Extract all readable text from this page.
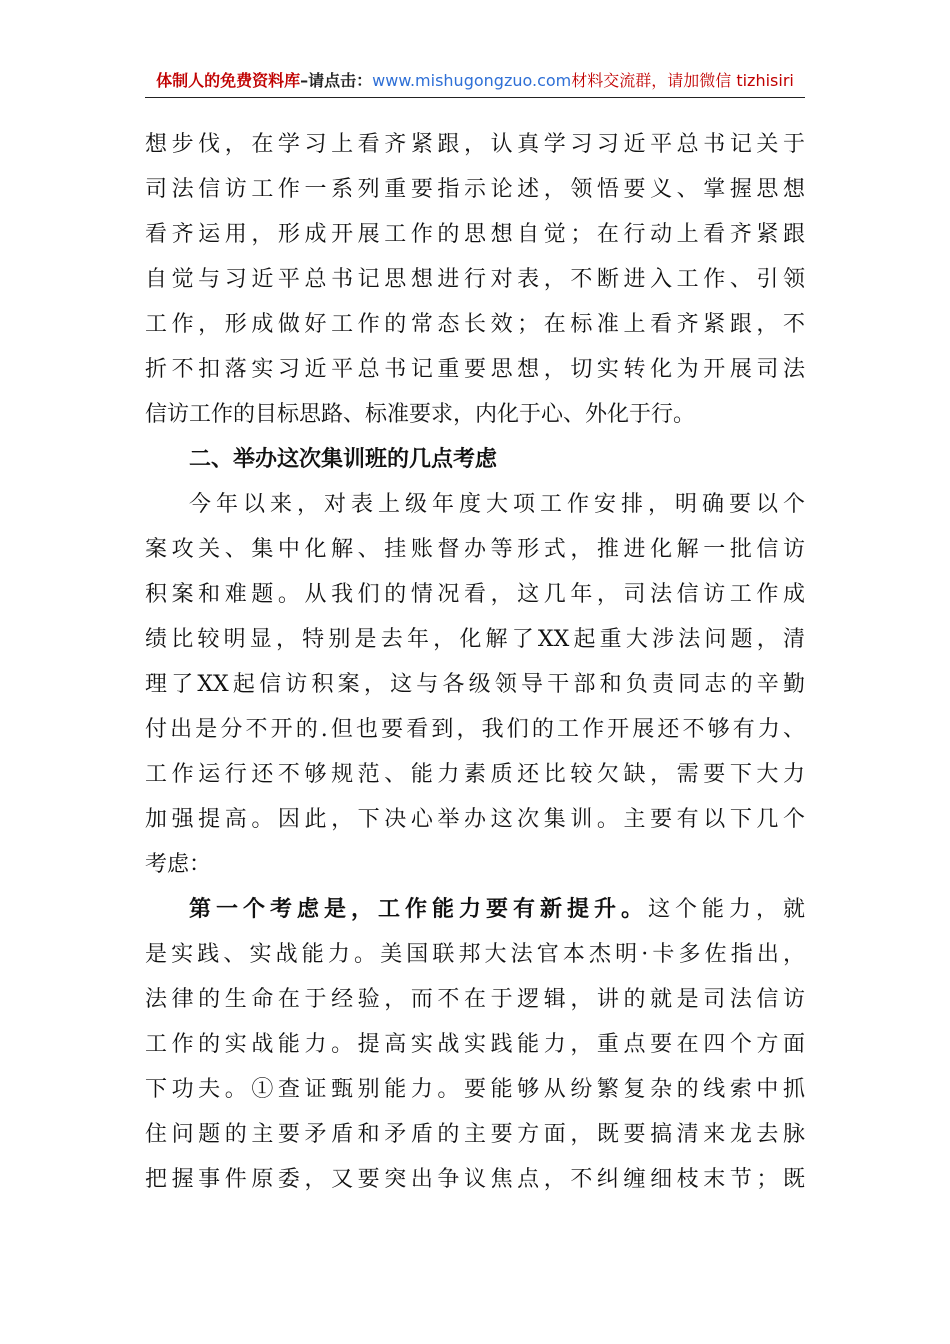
体制人的免费资料库–请点击：www.mishugongzuo.com材料交流群，请加微信 tizhisiri
想步伐，在学习上看齐紧跟，认真学习习近平总书记关于
司法信访工作一系列重要指示论述，领悟要义、掌握思想
看齐运用，形成开展工作的思想自觉；在行动上看齐紧跟
自觉与习近平总书记思想进行对表，不断进入工作、引领
工作，形成做好工作的常态长效；在标准上看齐紧跟，不
折不扣落实习近平总书记重要思想，切实转化为开展司法
信访工作的目标思路、标准要求，内化于心、外化于行。
二、举办这次集训班的几点考虑
今年以来，对表上级年度大项工作安排，明确要以个
案攻关、集中化解、挂账督办等形式，推进化解一批信访
积案和难题。从我们的情况看，这几年，司法信访工作成
绩比较明显，特别是去年，化解了XX起重大涉法问题，清
理了XX起信访积案，这与各级领导干部和负责同志的辛勤
付出是分不开的.但也要看到，我们的工作开展还不够有力、
工作运行还不够规范、能力素质还比较欠缺，需要下大力
加强提高。因此，下决心举办这次集训。主要有以下几个
考虑：
第一个考虑是，工作能力要有新提升。这个能力，就
是实践、实战能力。美国联邦大法官本杰明·卡多佐指出，
法律的生命在于经验，而不在于逻辑，讲的就是司法信访
工作的实战能力。提高实战实践能力，重点要在四个方面
下功夫。①查证甄别能力。要能够从纷繁复杂的线索中抓
住问题的主要矛盾和矛盾的主要方面，既要搞清来龙去脉
把握事件原委，又要突出争议焦点，不纠缠细枝末节；既
